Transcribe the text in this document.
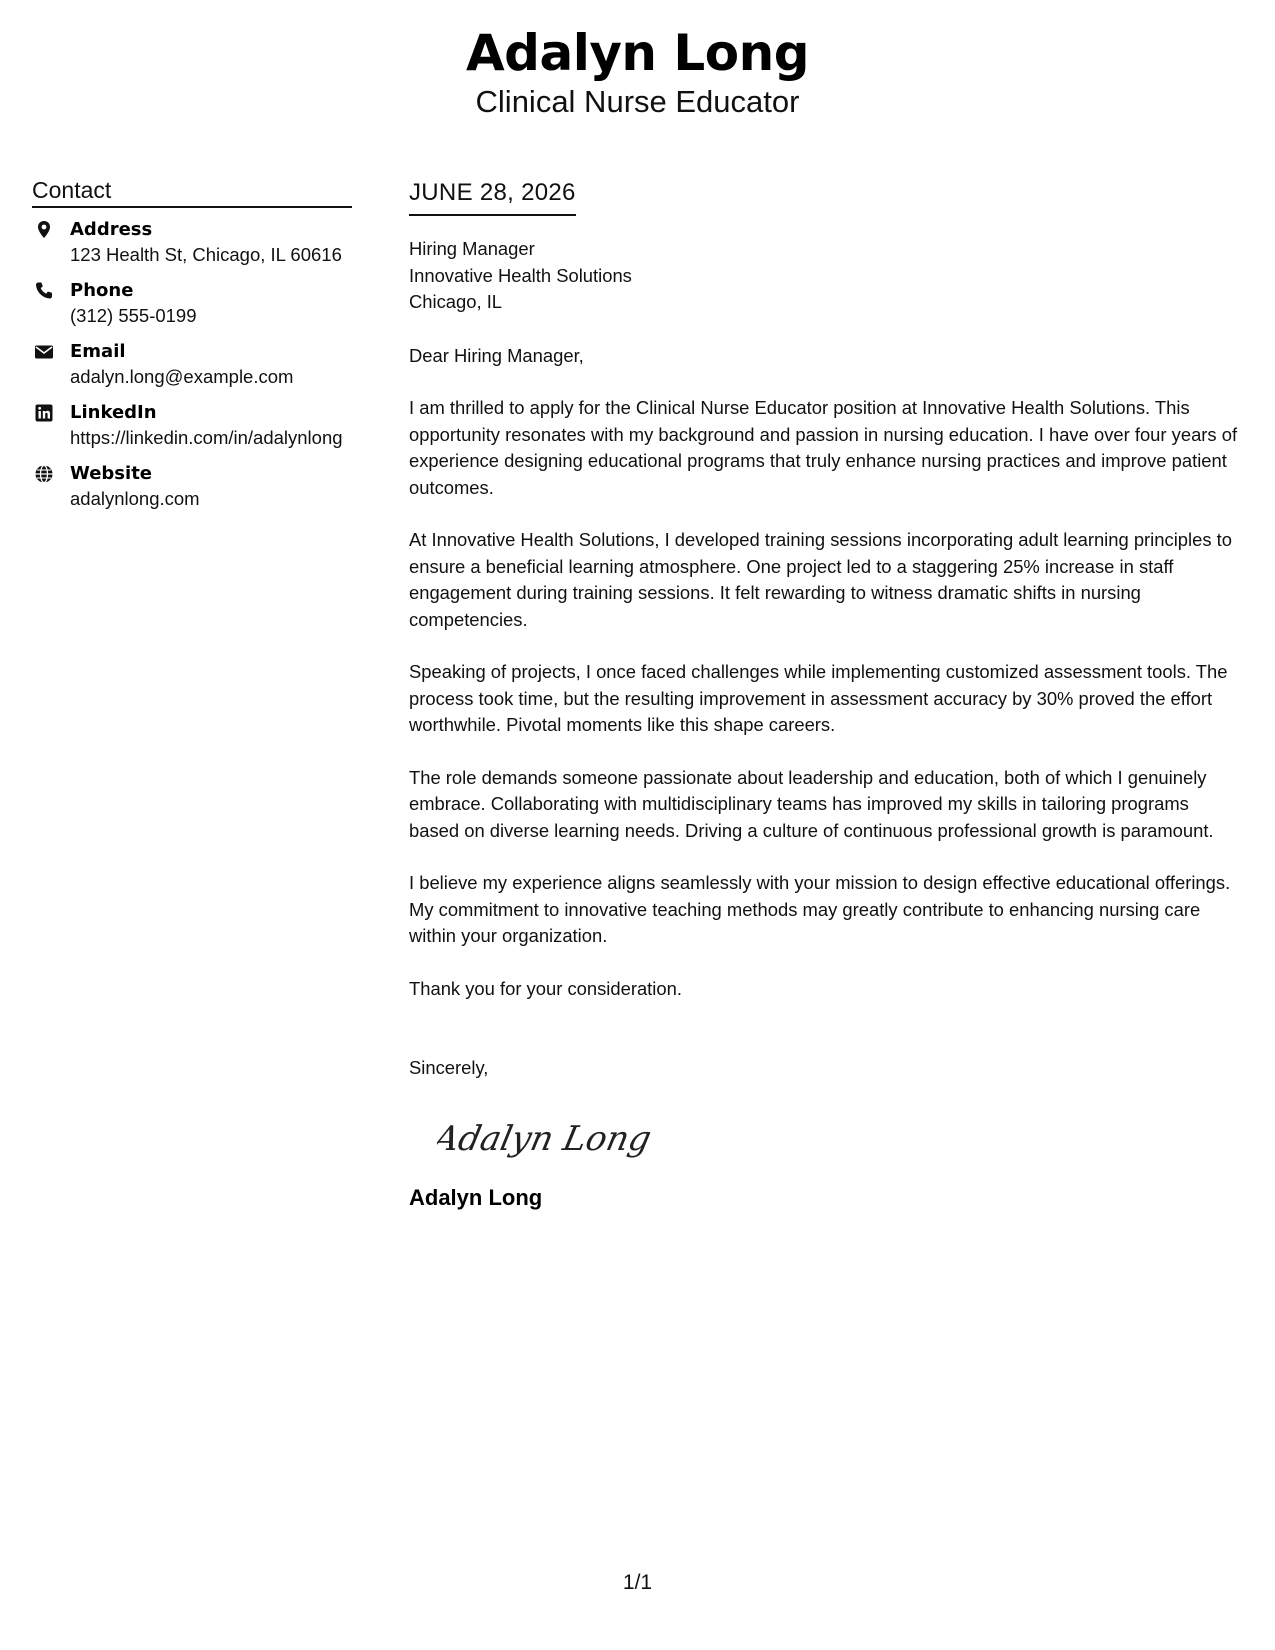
Adalyn Long
Clinical Nurse Educator
Contact
Address
123 Health St, Chicago, IL 60616
Phone
(312) 555-0199
Email
adalyn.long@example.com
LinkedIn
https://linkedin.com/in/adalynlong
Website
adalynlong.com
JUNE 28, 2026
Hiring Manager
Innovative Health Solutions
Chicago, IL
Dear Hiring Manager,

I am thrilled to apply for the Clinical Nurse Educator position at Innovative Health Solutions. This opportunity resonates with my background and passion in nursing education. I have over four years of experience designing educational programs that truly enhance nursing practices and improve patient outcomes.

At Innovative Health Solutions, I developed training sessions incorporating adult learning principles to ensure a beneficial learning atmosphere. One project led to a staggering 25% increase in staff engagement during training sessions. It felt rewarding to witness dramatic shifts in nursing competencies.

Speaking of projects, I once faced challenges while implementing customized assessment tools. The process took time, but the resulting improvement in assessment accuracy by 30% proved the effort worthwhile. Pivotal moments like this shape careers.

The role demands someone passionate about leadership and education, both of which I genuinely embrace. Collaborating with multidisciplinary teams has improved my skills in tailoring programs based on diverse learning needs. Driving a culture of continuous professional growth is paramount.

I believe my experience aligns seamlessly with your mission to design effective educational offerings. My commitment to innovative teaching methods may greatly contribute to enhancing nursing care within your organization.

Thank you for your consideration.

Sincerely,
Adalyn Long
Adalyn Long
1/1
